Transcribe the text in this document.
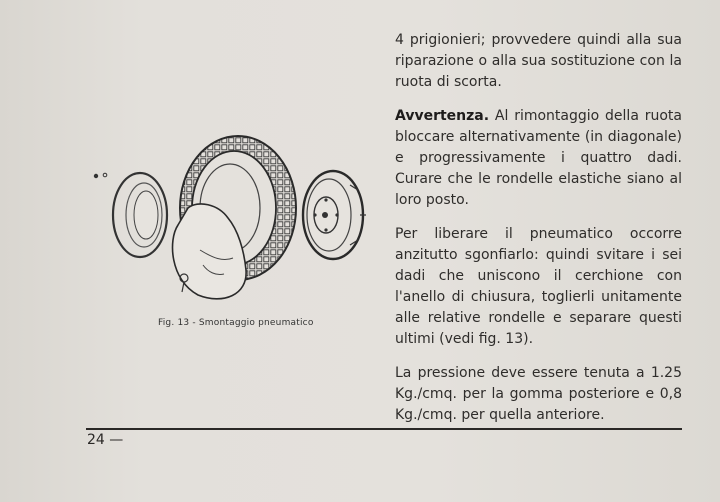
Fig. 13 - Smontaggio pneumatico

4 prigionieri; provvedere quindi alla sua riparazione o alla sua sostituzione con la ruota di scorta.

Avvertenza. Al rimontaggio della ruota bloccare alternativamente (in diagonale) e progressivamente i quattro dadi. Curare che le rondelle elastiche siano al loro posto.

Per liberare il pneumatico occorre anzitutto sgonfiarlo: quindi svitare i sei dadi che uniscono il cerchione con l'anello di chiusura, toglierli unitamente alle relative rondelle e separare questi ultimi (vedi fig. 13).

La pressione deve essere tenuta a 1.25 Kg./cmq. per la gomma posteriore e 0,8 Kg./cmq. per quella anteriore.

24 —
